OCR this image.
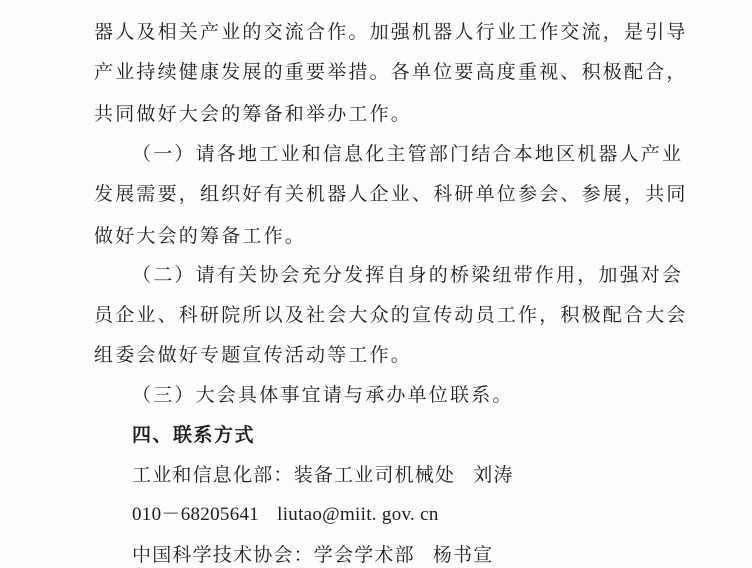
器人及相关产业的交流合作。加强机器人行业工作交流，是引导
产业持续健康发展的重要举措。各单位要高度重视、积极配合，
共同做好大会的筹备和举办工作。
（一）请各地工业和信息化主管部门结合本地区机器人产业
发展需要，组织好有关机器人企业、科研单位参会、参展，共同
做好大会的筹备工作。
（二）请有关协会充分发挥自身的桥梁纽带作用，加强对会
员企业、科研院所以及社会大众的宣传动员工作，积极配合大会
组委会做好专题宣传活动等工作。
（三）大会具体事宜请与承办单位联系。
四、联系方式
工业和信息化部：装备工业司机械处 刘涛
010－68205641 liutao@miit. gov. cn
中国科学技术协会：学会学术部 杨书宣
